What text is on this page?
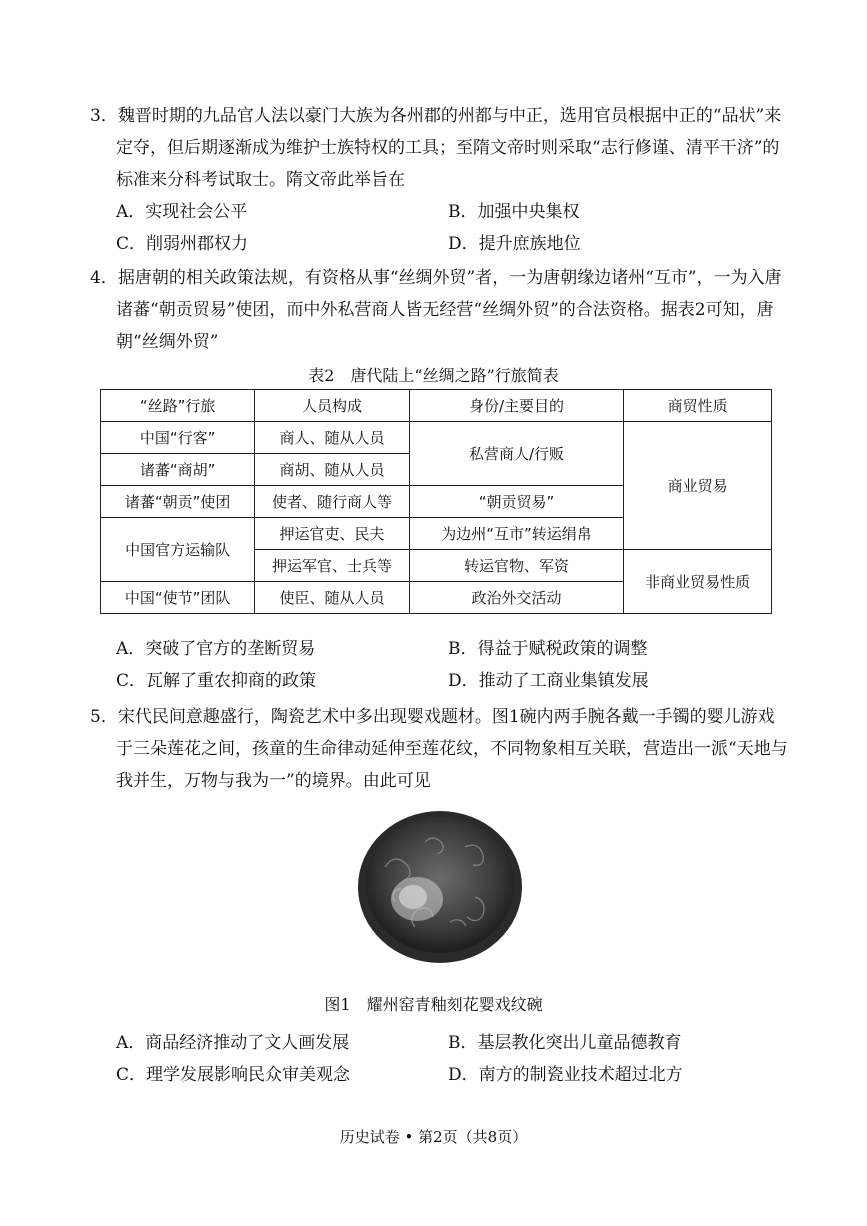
3．魏晋时期的九品官人法以豪门大族为各州郡的州都与中正，选用官员根据中正的“品状”来定夺，但后期逐渐成为维护士族特权的工具；至隋文帝时则采取“志行修谨、清平干济”的标准来分科考试取士。隋文帝此举旨在

A．实现社会公平	B．加强中央集权
C．削弱州郡权力	D．提升庶族地位

4．据唐朝的相关政策法规，有资格从事“丝绸外贸”者，一为唐朝缘边诸州“互市”，一为入唐诸蕃“朝贡贸易”使团，而中外私营商人皆无经营“丝绸外贸”的合法资格。据表2可知，唐朝“丝绸外贸”

表2　唐代陆上“丝绸之路”行旅简表
“丝路”行旅	人员构成	身份/主要目的	商贸性质
中国“行客”	商人、随从人员	私营商人/行贩	商业贸易
诸蕃“商胡”	商胡、随从人员		
诸蕃“朝贡”使团	使者、随行商人等	“朝贡贸易”	
中国官方运输队	押运官吏、民夫	为边州“互市”转运绢帛	
	押运军官、士兵等	转运官物、军资	非商业贸易性质
中国“使节”团队	使臣、随从人员	政治外交活动	
A．突破了官方的垄断贸易	B．得益于赋税政策的调整
C．瓦解了重农抑商的政策	D．推动了工商业集镇发展

5．宋代民间意趣盛行，陶瓷艺术中多出现婴戏题材。图1碗内两手腕各戴一手镯的婴儿游戏于三朵莲花之间，孩童的生命律动延伸至莲花纹，不同物象相互关联，营造出一派“天地与我并生，万物与我为一”的境界。由此可见

图1　耀州窑青釉刻花婴戏纹碗
A．商品经济推动了文人画发展	B．基层教化突出儿童品德教育
C．理学发展影响民众审美观念	D．南方的制瓷业技术超过北方
历史试卷 • 第2页（共8页）
